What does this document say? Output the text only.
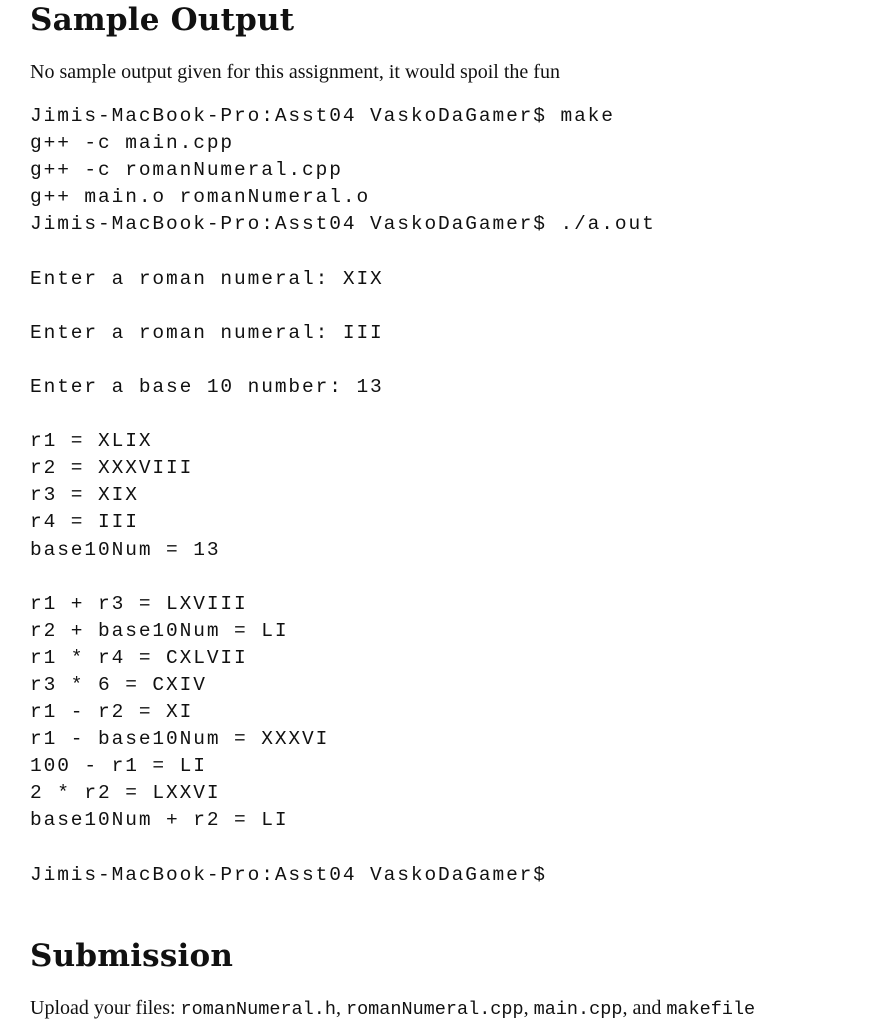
Sample Output
No sample output given for this assignment, it would spoil the fun
Jimis-MacBook-Pro:Asst04 VaskoDaGamer$ make
g++ -c main.cpp
g++ -c romanNumeral.cpp
g++ main.o romanNumeral.o
Jimis-MacBook-Pro:Asst04 VaskoDaGamer$ ./a.out
Enter a roman numeral: XIX
Enter a roman numeral: III
Enter a base 10 number: 13
r1 = XLIX
r2 = XXXVIII
r3 = XIX
r4 = III
base10Num = 13
r1 + r3 = LXVIII
r2 + base10Num = LI
r1 * r4 = CXLVII
r3 * 6 = CXIV
r1 - r2 = XI
r1 - base10Num = XXXVI
100 - r1 = LI
2 * r2 = LXXVI
base10Num + r2 = LI
Jimis-MacBook-Pro:Asst04 VaskoDaGamer$
Submission
Upload your files: romanNumeral.h, romanNumeral.cpp, main.cpp, and makefile
